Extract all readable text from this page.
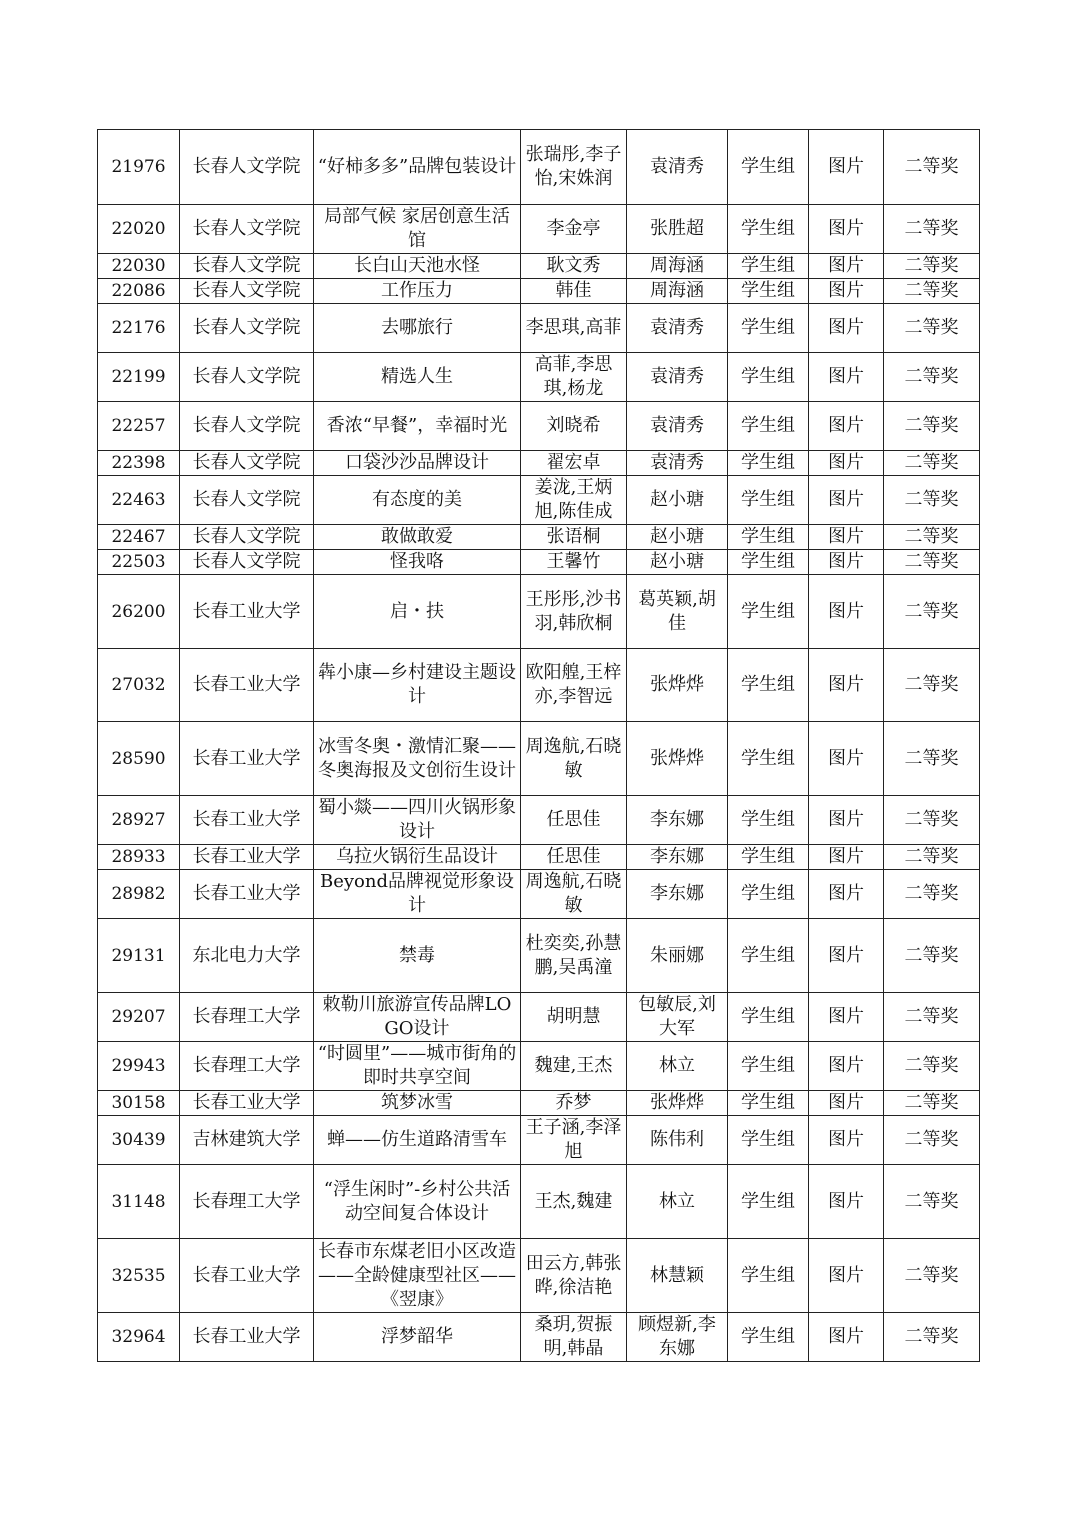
21976	长春人文学院	“好柿多多”品牌包装设计	张瑞彤,李子怡,宋姝润	袁清秀	学生组	图片	二等奖
22020	长春人文学院	局部气候 家居创意生活馆	李金亭	张胜超	学生组	图片	二等奖
22030	长春人文学院	长白山天池水怪	耿文秀	周海涵	学生组	图片	二等奖
22086	长春人文学院	工作压力	韩佳	周海涵	学生组	图片	二等奖
22176	长春人文学院	去哪旅行	李思琪,高菲	袁清秀	学生组	图片	二等奖
22199	长春人文学院	精选人生	高菲,李思琪,杨龙	袁清秀	学生组	图片	二等奖
22257	长春人文学院	香浓“早餐”，幸福时光	刘晓希	袁清秀	学生组	图片	二等奖
22398	长春人文学院	口袋沙沙品牌设计	翟宏卓	袁清秀	学生组	图片	二等奖
22463	长春人文学院	有态度的美	姜泷,王炳旭,陈佳成	赵小瑭	学生组	图片	二等奖
22467	长春人文学院	敢做敢爱	张语桐	赵小瑭	学生组	图片	二等奖
22503	长春人文学院	怪我咯	王馨竹	赵小瑭	学生组	图片	二等奖
26200	长春工业大学	启・扶	王彤彤,沙书羽,韩欣桐	葛英颖,胡佳	学生组	图片	二等奖
27032	长春工业大学	犇小康—乡村建设主题设计	欧阳艎,王梓亦,李智远	张烨烨	学生组	图片	二等奖
28590	长春工业大学	冰雪冬奥・激情汇聚——冬奥海报及文创衍生设计	周逸航,石晓敏	张烨烨	学生组	图片	二等奖
28927	长春工业大学	蜀小燚——四川火锅形象设计	任思佳	李东娜	学生组	图片	二等奖
28933	长春工业大学	乌拉火锅衍生品设计	任思佳	李东娜	学生组	图片	二等奖
28982	长春工业大学	Beyond品牌视觉形象设计	周逸航,石晓敏	李东娜	学生组	图片	二等奖
29131	东北电力大学	禁毒	杜奕奕,孙慧鹏,吴禹潼	朱丽娜	学生组	图片	二等奖
29207	长春理工大学	敕勒川旅游宣传品牌LOGO设计	胡明慧	包敏辰,刘大军	学生组	图片	二等奖
29943	长春理工大学	“时圆里”——城市街角的即时共享空间	魏建,王杰	林立	学生组	图片	二等奖
30158	长春工业大学	筑梦冰雪	乔梦	张烨烨	学生组	图片	二等奖
30439	吉林建筑大学	蝉——仿生道路清雪车	王子涵,李泽旭	陈伟利	学生组	图片	二等奖
31148	长春理工大学	“浮生闲时”-乡村公共活动空间复合体设计	王杰,魏建	林立	学生组	图片	二等奖
32535	长春工业大学	长春市东煤老旧小区改造——全龄健康型社区——《翌康》	田云方,韩张晔,徐洁艳	林慧颖	学生组	图片	二等奖
32964	长春工业大学	浮梦韶华	桑玥,贺振明,韩晶	顾煜新,李东娜	学生组	图片	二等奖
